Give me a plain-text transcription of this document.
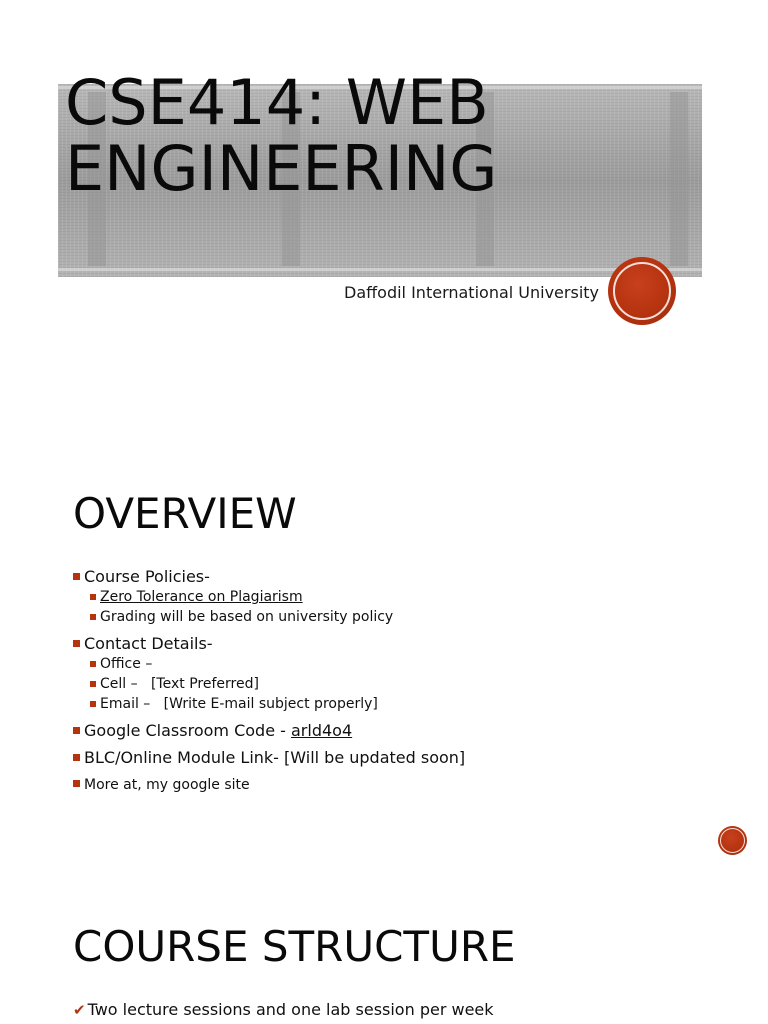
CSE414: WEB
ENGINEERING
Daffodil International University
OVERVIEW
Course Policies-
Zero Tolerance on Plagiarism
Grading will be based on university policy
Contact Details-
Office –
Cell –   [Text Preferred]
Email –   [Write E-mail subject properly]
Google Classroom Code - arld4o4
BLC/Online Module Link- [Will be updated soon]
More at, my google site
COURSE STRUCTURE

✔ Two lecture sessions and one lab session per week
